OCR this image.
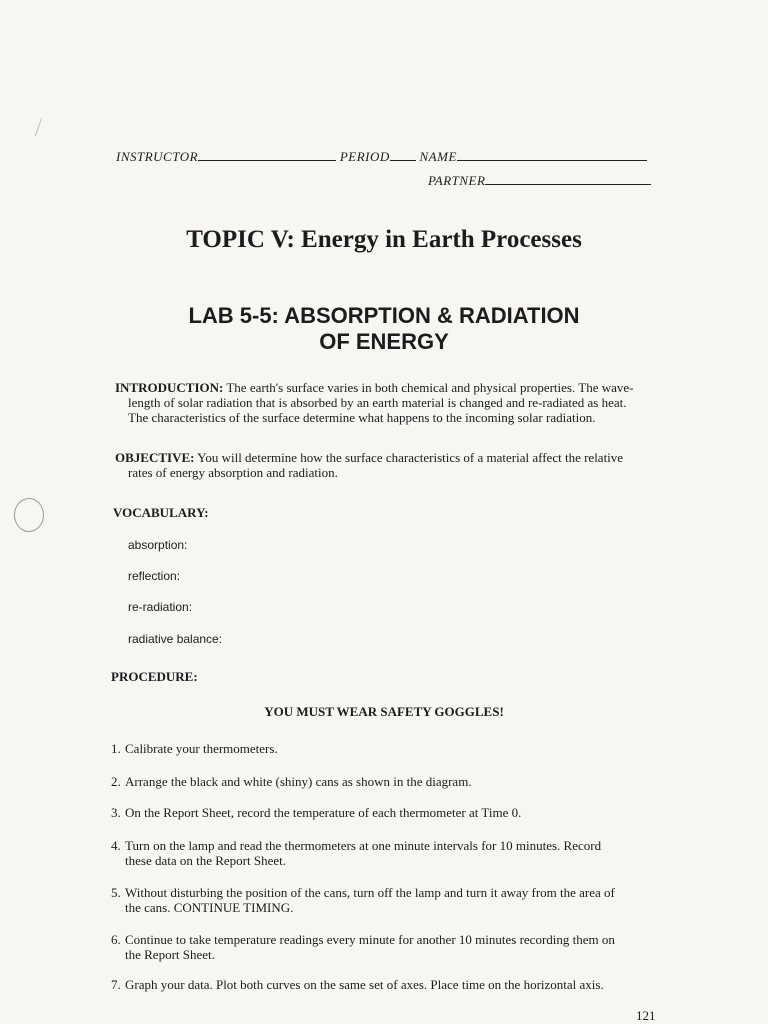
INSTRUCTOR	PERIOD NAME
PARTNER
TOPIC V: Energy in Earth Processes
LAB 5-5: ABSORPTION & RADIATION
OF ENERGY
INTRODUCTION: The earth's surface varies in both chemical and physical properties. The wave-
length of solar radiation that is absorbed by an earth material is changed and re-radiated as heat.
The characteristics of the surface determine what happens to the incoming solar radiation.
OBJECTIVE: You will determine how the surface characteristics of a material affect the relative
rates of energy absorption and radiation.
VOCABULARY:
absorption:
reflection:
re-radiation:
radiative balance:
PROCEDURE:
YOU MUST WEAR SAFETY GOGGLES!
1. Calibrate your thermometers.
2. Arrange the black and white (shiny) cans as shown in the diagram.
3. On the Report Sheet, record the temperature of each thermometer at Time 0.
4. Turn on the lamp and read the thermometers at one minute intervals for 10 minutes. Record
these data on the Report Sheet.
5. Without disturbing the position of the cans, turn off the lamp and turn it away from the area of
the cans. CONTINUE TIMING.
6. Continue to take temperature readings every minute for another 10 minutes recording them on
the Report Sheet.
7. Graph your data. Plot both curves on the same set of axes. Place time on the horizontal axis.
121
